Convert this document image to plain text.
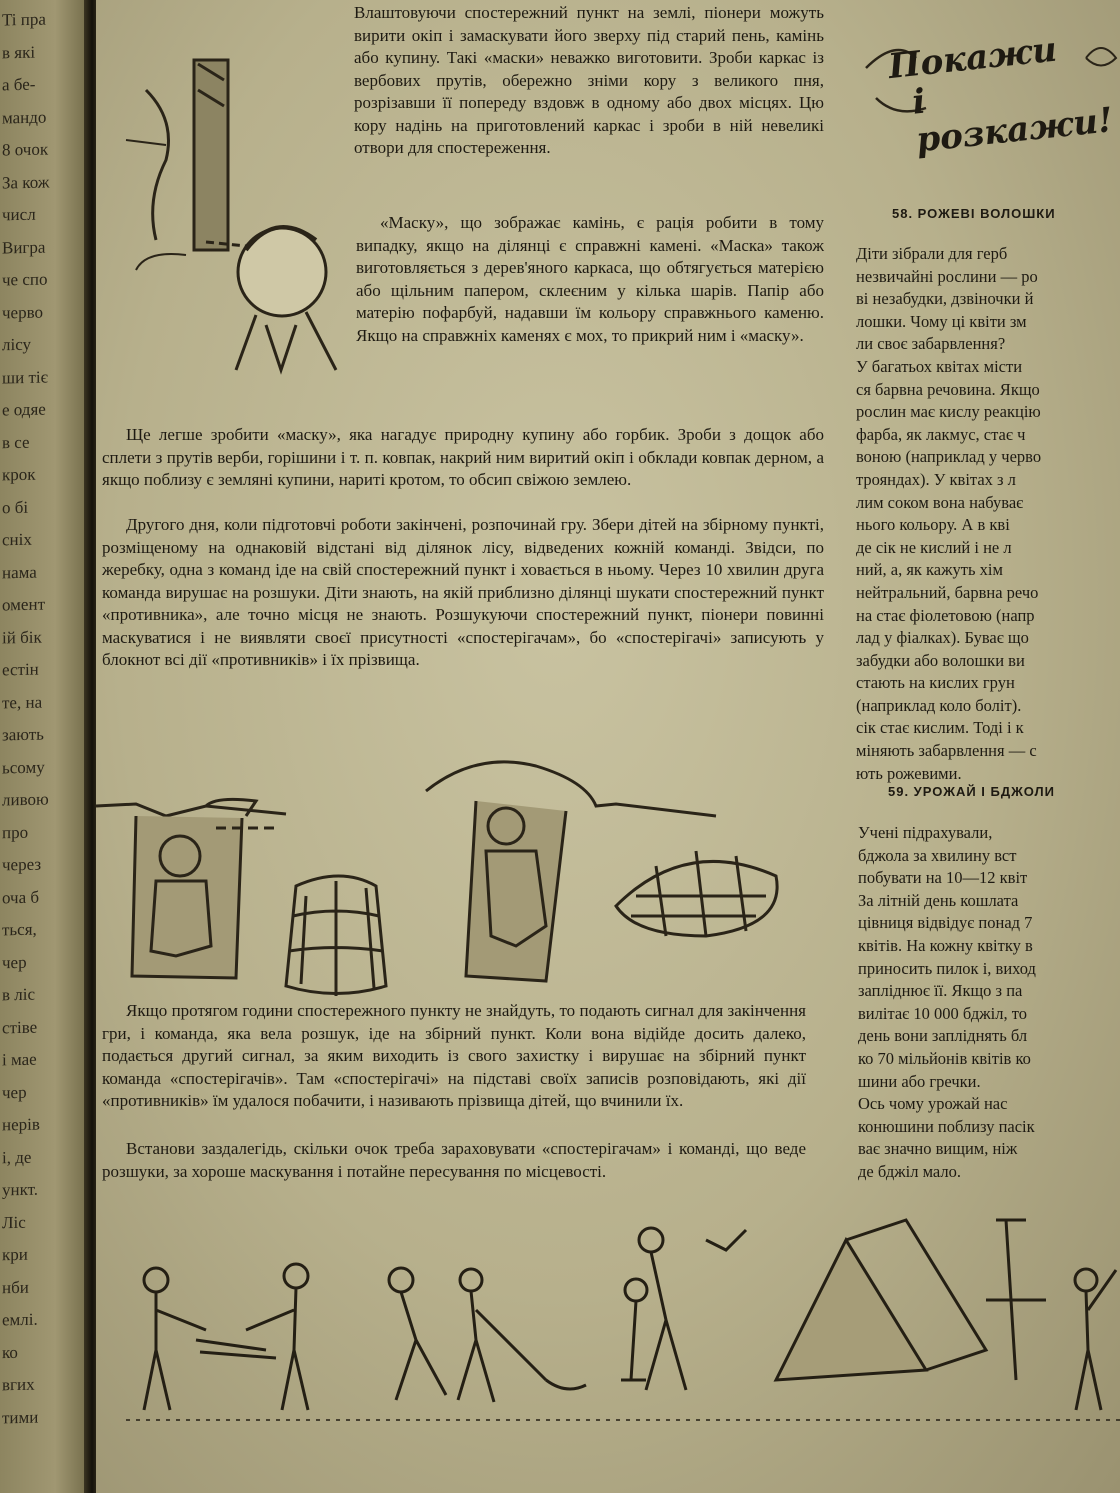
Ti пра
в якi
а бе-
мандо
8 очок
За кож
числ
Вигра
че спо
черво
лісу
ши тіє
е одяе
в се
крок
о бі
сніх
нама
омент
ій бік
естін
те, на
зають
ьсому
ливою
про
через
оча б
ться,
чер
в ліс
стіве
і мае
чер
нерів
і, де
ункт.
Ліс
кри
нби
емлі.
ко
вгих
тими

Влаштовуючи спостережний пункт на землі, піонери можуть вирити окіп і замаскувати його зверху під старий пень, камінь або купину. Такі «маски» неважко виготовити. Зроби каркас із вербових прутів, обережно зніми кору з великого пня, розрізавши її попереду вздовж в одному або двох місцях. Цю кору надінь на приготовлений каркас і зроби в ній невеликі отвори для спостереження.

«Маску», що зображає камінь, є рація робити в тому випадку, якщо на ділянці є справжні камені. «Маска» також виготовляється з дерев'яного каркаса, що обтягується матерією або щільним папером, склеєним у кілька шарів. Папір або матерію пофарбуй, надавши їм кольору справжнього каменю. Якщо на справжніх каменях є мох, то прикрий ним і «маску».

Ще легше зробити «маску», яка нагадує природну купину або горбик. Зроби з дощок або сплети з прутів верби, горішини і т. п. ковпак, накрий ним виритий окіп і обклади ковпак дерном, а якщо поблизу є земляні купини, нариті кротом, то обсип свіжою землею.

Другого дня, коли підготовчі роботи закінчені, розпочинай гру. Збери дітей на збірному пункті, розміщеному на однаковій відстані від ділянок лісу, відведених кожній команді. Звідси, по жеребку, одна з команд іде на свій спостережний пункт і ховається в ньому. Через 10 хвилин друга команда вирушає на розшуки. Діти знають, на якій приблизно ділянці шукати спостережний пункт «противника», але точно місця не знають. Розшукуючи спостережний пункт, піонери повинні маскуватися і не виявляти своєї присутності «спостерігачам», бо «спостерігачі» записують у блокнот всі дії «противників» і їх прізвища.

Якщо протягом години спостережного пункту не знайдуть, то подають сигнал для закінчення гри, і команда, яка вела розшук, іде на збірний пункт. Коли вона відійде досить далеко, подається другий сигнал, за яким виходить із свого захистку і вирушає на збірний пункт команда «спостерігачів». Там «спостерігачі» на підставі своїх записів розповідають, які дії «противників» їм удалося побачити, і називають прізвища дітей, що вчинили їх.

Встанови заздалегідь, скільки очок треба зараховувати «спостерігачам» і команді, що веде розшуки, за хороше маскування і потайне пересування по місцевості.

Покажи
і розкажи!
58. РОЖЕВІ ВОЛОШКИ

Діти зібрали для герб

незвичайні рослини — ро

ві незабудки, дзвіночки й

лошки. Чому ці квіти зм

ли своє забарвлення?

У багатьох квітах місти

ся барвна речовина. Якщо

рослин має кислу реакцію

фарба, як лакмус, стає ч

воною (наприклад у черво

трояндах). У квітах з л

лим соком вона набуває

нього кольору. А в кві

де сік не кислий і не л

ний, а, як кажуть хім

нейтральний, барвна речо

на стає фіолетовою (напр

лад у фіалках). Буває що

забудки або волошки ви

стають на кислих грун

(наприклад коло боліт).

сік стає кислим. Тоді і к

міняють забарвлення — с

ють рожевими.

59. УРОЖАЙ І БДЖОЛИ

Учені підрахували,

бджола за хвилину вст

побувати на 10—12 квіт

За літній день кошлата

цівниця відвідує понад 7

квітів. На кожну квітку в

приносить пилок і, виход

запліднює її. Якщо з па

вилітає 10 000 бджіл, то

день вони запліднять бл

ко 70 мільйонів квітів ко

шини або гречки.

Ось чому урожай нас

конюшини поблизу пасік

ває значно вищим, ніж

де бджіл мало.
